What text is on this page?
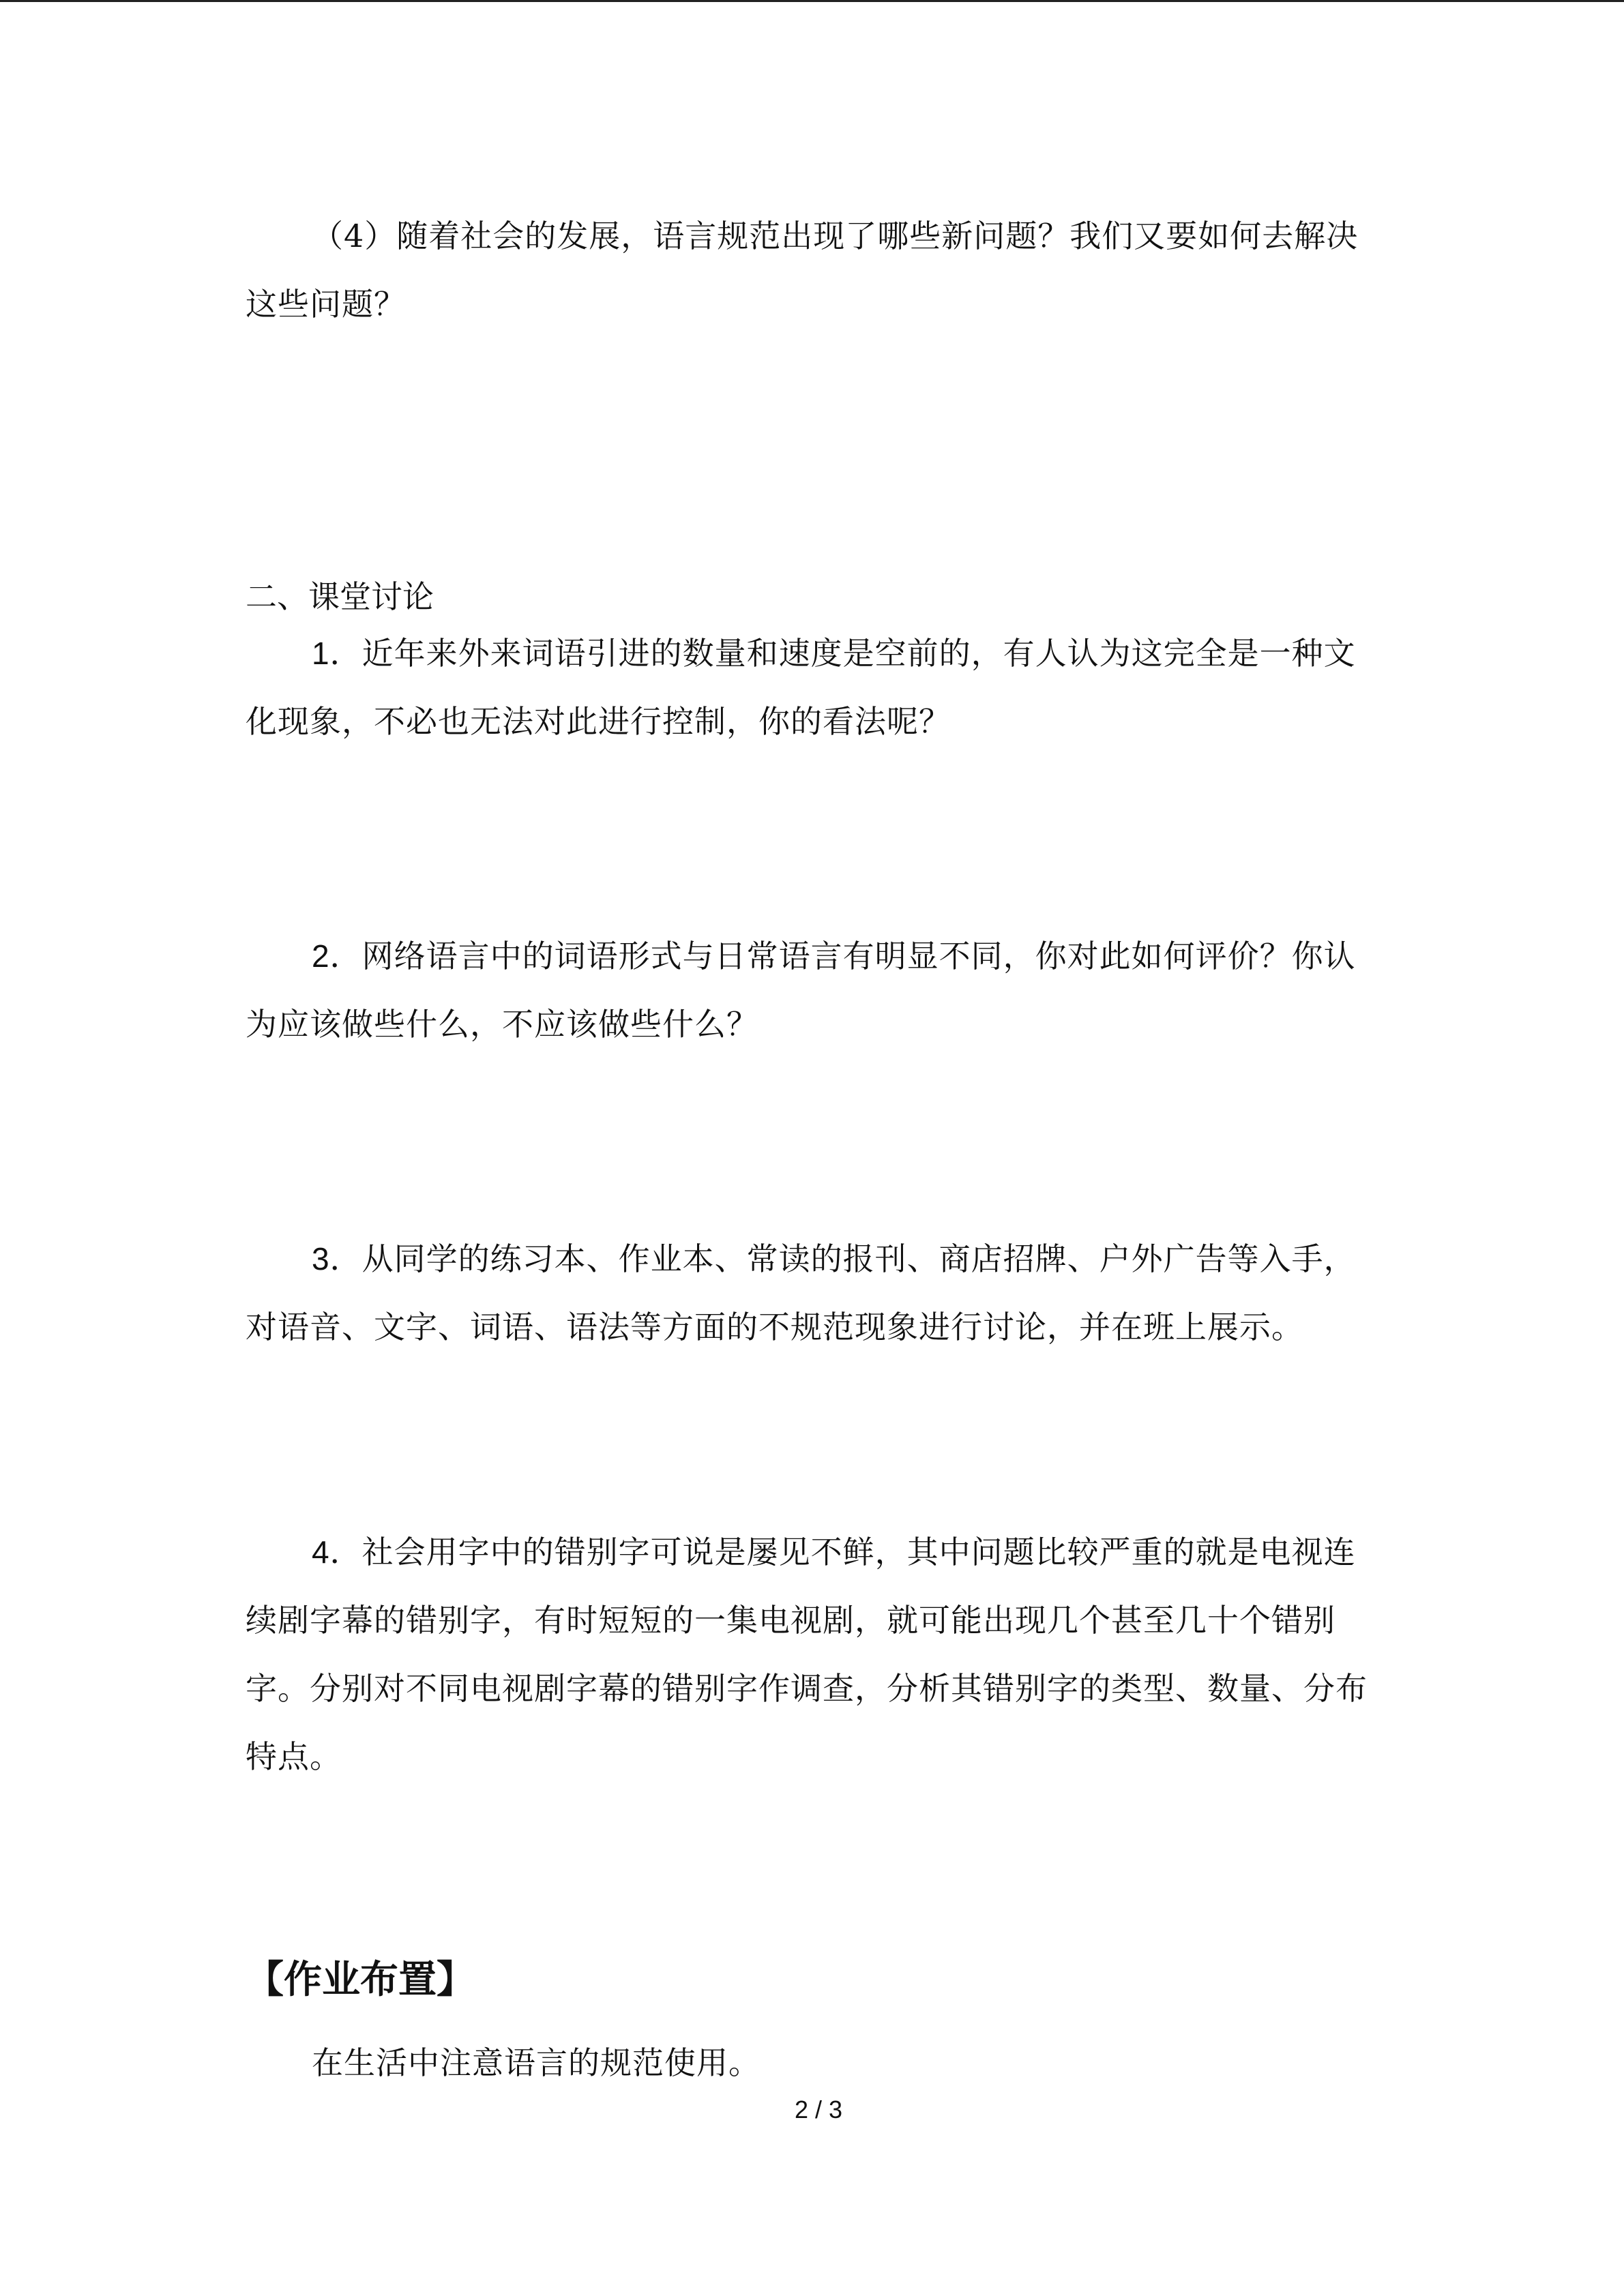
（4）随着社会的发展，语言规范出现了哪些新问题？我们又要如何去解决这些问题？

二、课堂讨论

1．近年来外来词语引进的数量和速度是空前的，有人认为这完全是一种文化现象，不必也无法对此进行控制，你的看法呢？

2．网络语言中的词语形式与日常语言有明显不同，你对此如何评价？你认为应该做些什么，不应该做些什么？

3．从同学的练习本、作业本、常读的报刊、商店招牌、户外广告等入手，对语音、文字、词语、语法等方面的不规范现象进行讨论，并在班上展示。

4．社会用字中的错别字可说是屡见不鲜，其中问题比较严重的就是电视连续剧字幕的错别字，有时短短的一集电视剧，就可能出现几个甚至几十个错别字。分别对不同电视剧字幕的错别字作调查，分析其错别字的类型、数量、分布特点。

【作业布置】

在生活中注意语言的规范使用。

2 / 3
